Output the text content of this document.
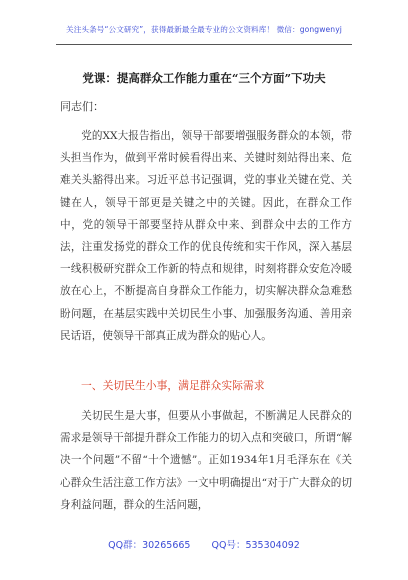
关注头条号“公文研究”，获得最新最全最专业的公文资料库！ 微信：gongwenyj
党课：提高群众工作能力重在“三个方面”下功夫
同志们：

党的XX大报告指出，领导干部要增强服务群众的本领，带头担当作为，做到平常时候看得出来、关键时刻站得出来、危难关头豁得出来。习近平总书记强调，党的事业关键在党、关键在人，领导干部更是关键之中的关键。因此，在群众工作中，党的领导干部要坚持从群众中来、到群众中去的工作方法，注重发扬党的群众工作的优良传统和实干作风，深入基层一线积极研究群众工作新的特点和规律，时刻将群众安危冷暖放在心上，不断提高自身群众工作能力，切实解决群众急难愁盼问题，在基层实践中关切民生小事、加强服务沟通、善用亲民话语，使领导干部真正成为群众的贴心人。

一、关切民生小事，满足群众实际需求

关切民生是大事，但要从小事做起，不断满足人民群众的需求是领导干部提升群众工作能力的切入点和突破口，所谓“解决一个问题”不留“十个遗憾”。正如1934年1月毛泽东在《关心群众生活注意工作方法》一文中明确提出“对于广大群众的切身利益问题，群众的生活问题，

QQ群：30265665 QQ号：535304092
